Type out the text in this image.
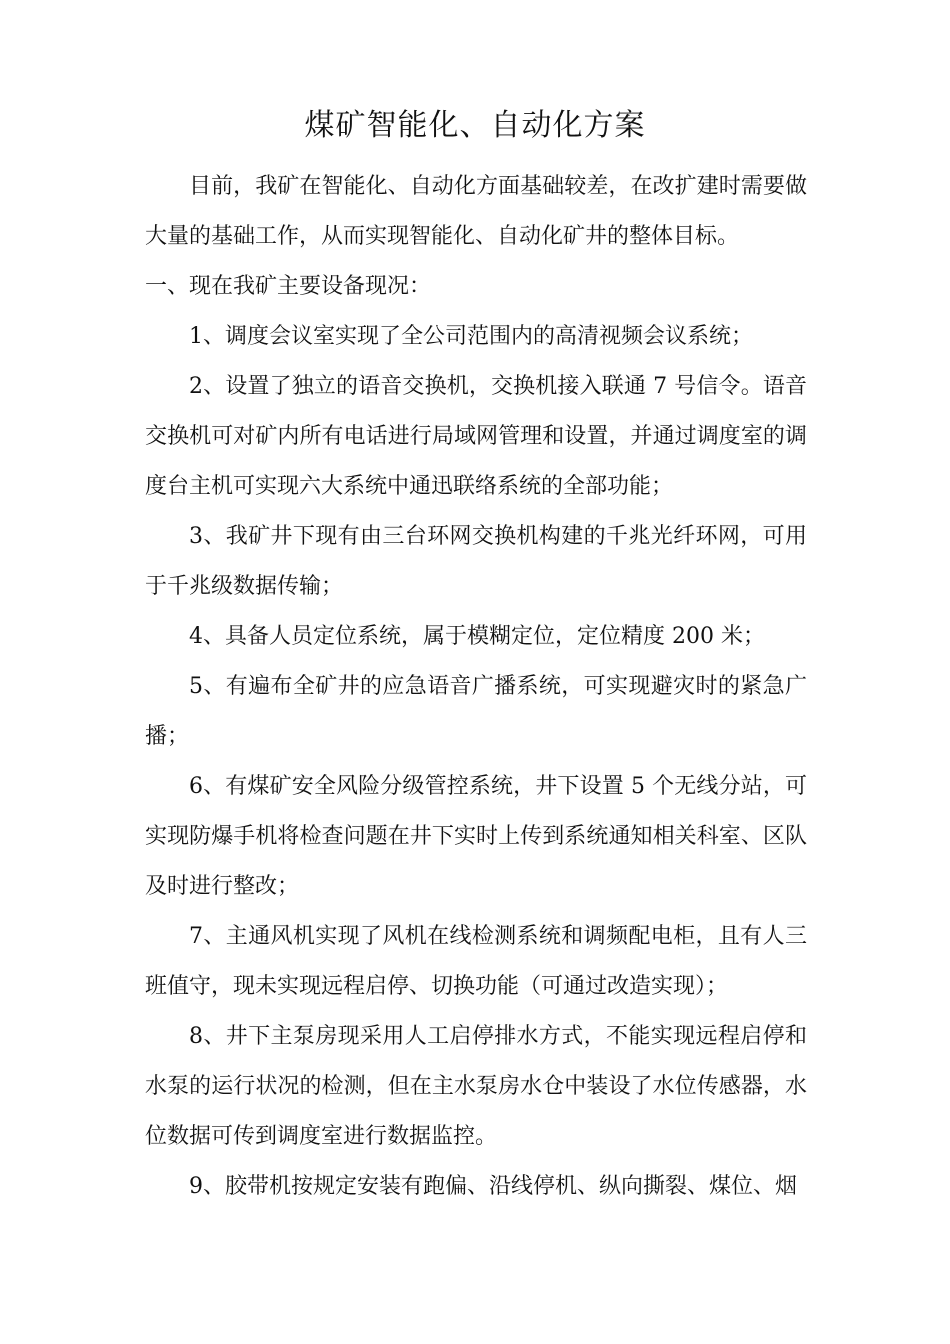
煤矿智能化、自动化方案

目前，我矿在智能化、自动化方面基础较差，在改扩建时需要做大量的基础工作，从而实现智能化、自动化矿井的整体目标。

一、现在我矿主要设备现况：

1、调度会议室实现了全公司范围内的高清视频会议系统；

2、设置了独立的语音交换机，交换机接入联通 7 号信令。语音交换机可对矿内所有电话进行局域网管理和设置，并通过调度室的调度台主机可实现六大系统中通迅联络系统的全部功能；

3、我矿井下现有由三台环网交换机构建的千兆光纤环网，可用于千兆级数据传输；

4、具备人员定位系统，属于模糊定位，定位精度 200 米；

5、有遍布全矿井的应急语音广播系统，可实现避灾时的紧急广播；

6、有煤矿安全风险分级管控系统，井下设置 5 个无线分站，可实现防爆手机将检查问题在井下实时上传到系统通知相关科室、区队及时进行整改；

7、主通风机实现了风机在线检测系统和调频配电柜，且有人三班值守，现未实现远程启停、切换功能（可通过改造实现）；

8、井下主泵房现采用人工启停排水方式，不能实现远程启停和水泵的运行状况的检测，但在主水泵房水仓中装设了水位传感器，水位数据可传到调度室进行数据监控。

9、胶带机按规定安装有跑偏、沿线停机、纵向撕裂、煤位、烟
